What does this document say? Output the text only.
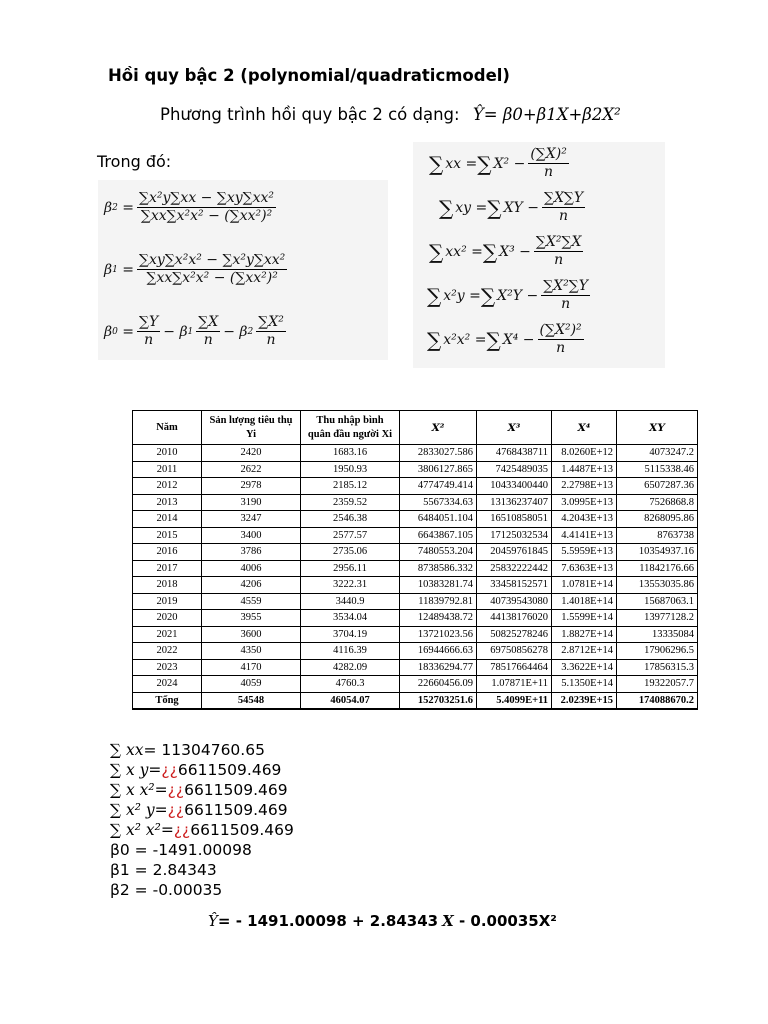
Hồi quy bậc 2 (polynomial/quadraticmodel)
Phương trình hồi quy bậc 2 có dạng: Ŷ= β0+β1X+β2X²
Trong đó:
β $2 = \frac{\text{∑x²y∑xx − ∑xy∑xx²}}{\text{∑xx∑x²x² − (∑xx²)²}}$
β $1 = \frac{\text{∑xy∑x²x² − ∑x²y∑xx²}}{\text{∑xx∑x²x² − (∑xx²)²}}$
β $0 = \frac{\sum Y}{n} - \beta$ $1 \frac{\sum X}{n} - \beta$ $2 \frac{\text{∑X²}}{n}$
∑ xx = ∑ $X^2 - \frac{\text{(∑X)²}}{n}$
∑ xy = ∑ XY − $\frac{\sum X\sum Y}{n}$
∑ xx² = ∑ $X^3 - \frac{\text{∑X²∑X}}{n}$
∑ x²y = ∑ $X^2Y - \frac{\text{∑X²∑Y}}{n}$
∑ x²x² = ∑ $X^4 - \frac{\text{(∑X²)²}}{n}$
Năm	Sản lượng tiêu thụ Yi	Thu nhập bình quân đầu người Xi	X²	X³	X⁴	XY
2010	2420	1683.16	2833027.586	4768438711	8.0260E+12	4073247.2
2011	2622	1950.93	3806127.865	7425489035	1.4487E+13	5115338.46
2012	2978	2185.12	4774749.414	10433400440	2.2798E+13	6507287.36
2013	3190	2359.52	5567334.63	13136237407	3.0995E+13	7526868.8
2014	3247	2546.38	6484051.104	16510858051	4.2043E+13	8268095.86
2015	3400	2577.57	6643867.105	17125032534	4.4141E+13	8763738
2016	3786	2735.06	7480553.204	20459761845	5.5959E+13	10354937.16
2017	4006	2956.11	8738586.332	25832222442	7.6363E+13	11842176.66
2018	4206	3222.31	10383281.74	33458152571	1.0781E+14	13553035.86
2019	4559	3440.9	11839792.81	40739543080	1.4018E+14	15687063.1
2020	3955	3534.04	12489438.72	44138176020	1.5599E+14	13977128.2
2021	3600	3704.19	13721023.56	50825278246	1.8827E+14	13335084
2022	4350	4116.39	16944666.63	69750856278	2.8712E+14	17906296.5
2023	4170	4282.09	18336294.77	78517664464	3.3622E+14	17856315.3
2024	4059	4760.3	22660456.09	1.07871E+11	5.1350E+14	19322057.7
Tổng	54548	46054.07	152703251.6	5.4099E+11	2.0239E+15	174088670.2
∑ xx= 11304760.65
∑ x y=¿¿6611509.469
∑ x x²=¿¿6611509.469
∑ x² y=¿¿6611509.469
∑ x² x²=¿¿6611509.469
β0 = -1491.00098
β1 = 2.84343
β2 = -0.00035
Ŷ= - 1491.00098 + 2.84343 X - 0.00035X²
